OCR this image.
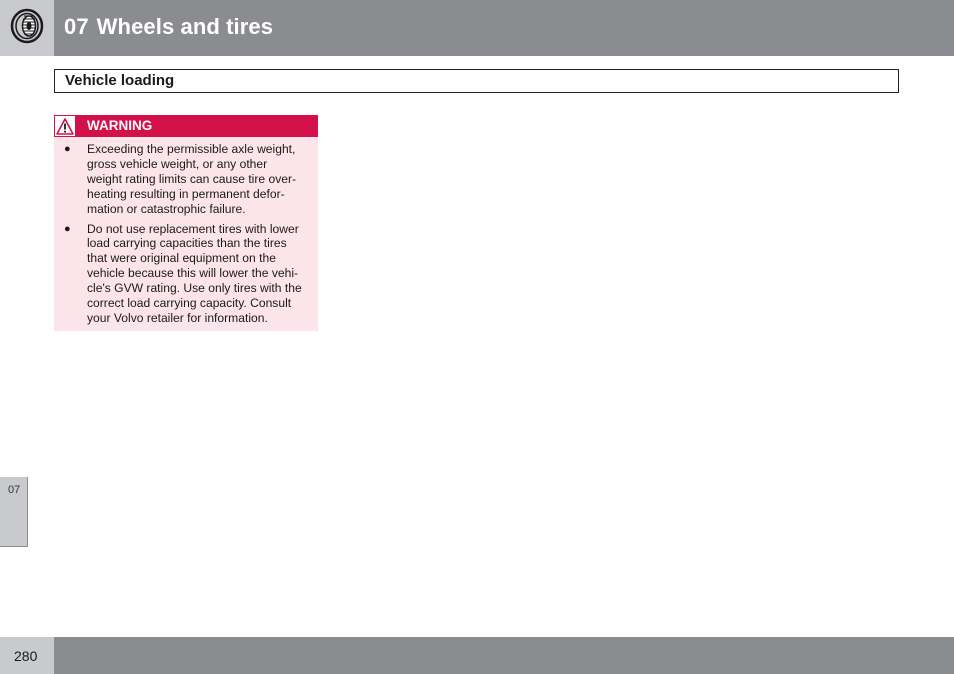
07 Wheels and tires
Vehicle loading
WARNING
● Exceeding the permissible axle weight,
gross vehicle weight, or any other
weight rating limits can cause tire over-
heating resulting in permanent defor-
mation or catastrophic failure.
● Do not use replacement tires with lower
load carrying capacities than the tires
that were original equipment on the
vehicle because this will lower the vehi-
cle's GVW rating. Use only tires with the
correct load carrying capacity. Consult
your Volvo retailer for information.
07
280
